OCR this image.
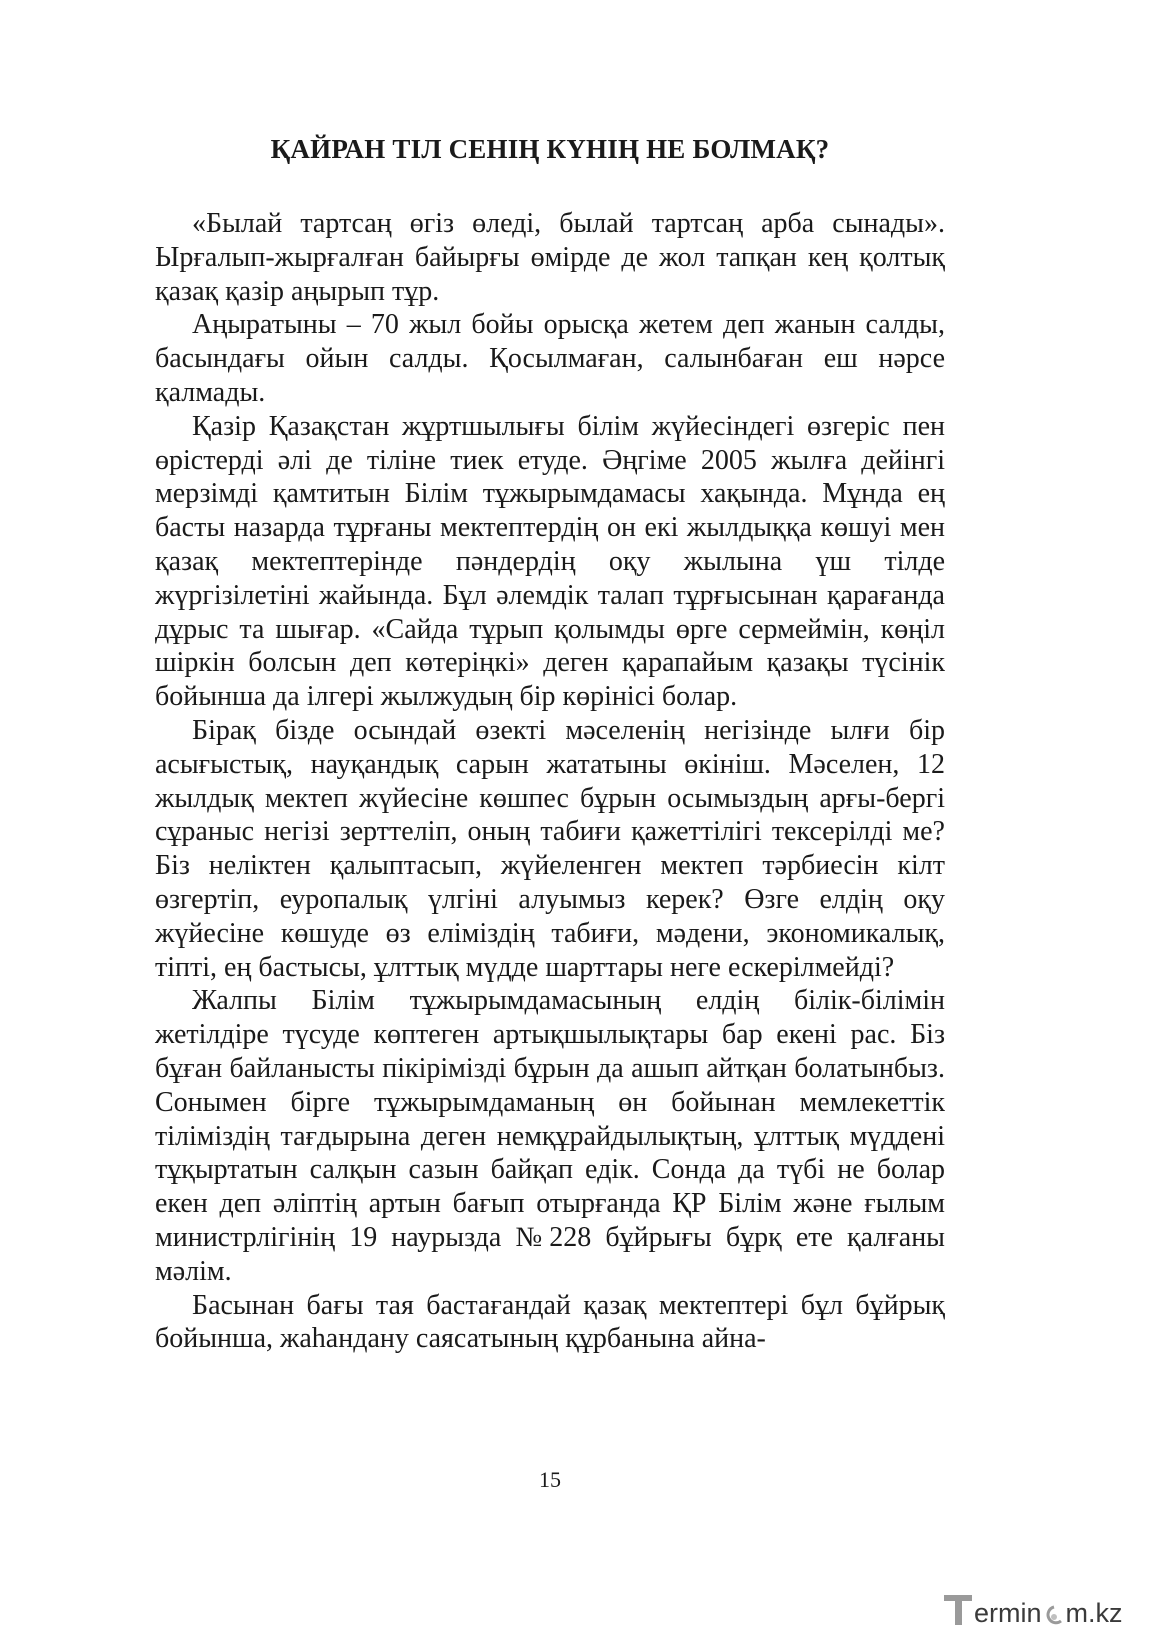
ҚАЙРАН ТІЛ СЕНІҢ КҮНІҢ НЕ БОЛМАҚ?

«Былай тартсаң өгіз өледі, былай тартсаң арба сынады». Ырғалып-жырғалған байырғы өмірде де жол тапқан кең қолтық қазақ қазір аңырып тұр.

Аңыратыны – 70 жыл бойы орысқа жетем деп жанын салды, басындағы ойын салды. Қосылмаған, салынбаған еш нәрсе қалмады.

Қазір Қазақстан жұртшылығы білім жүйесіндегі өзгеріс пен өрістерді әлі де тіліне тиек етуде. Әңгіме 2005 жылға дейінгі мерзімді қамтитын Білім тұжырымдамасы хақында. Мұнда ең басты назарда тұрғаны мектептердің он екі жылдыққа көшуі мен қазақ мектептерінде пәндердің оқу жылына үш тілде жүргізілетіні жайында. Бұл әлемдік талап тұрғысынан қарағанда дұрыс та шығар. «Сайда тұрып қолымды өрге сермеймін, көңіл шіркін болсын деп көтеріңкі» деген қарапайым қазақы түсінік бойынша да ілгері жылжудың бір көрінісі болар.

Бірақ бізде осындай өзекті мәселенің негізінде ылғи бір асығыстық, науқандық сарын жататыны өкініш. Мәселен, 12 жылдық мектеп жүйесіне көшпес бұрын осымыздың арғы-бергі сұраныс негізі зерттеліп, оның табиғи қажеттілігі тексерілді ме? Біз неліктен қалыптасып, жүйеленген мектеп тәрбиесін кілт өзгертіп, еуропалық үлгіні алуымыз керек? Өзге елдің оқу жүйесіне көшуде өз еліміздің табиғи, мәдени, экономикалық, тіпті, ең бастысы, ұлттық мүдде шарттары неге ескерілмейді?

Жалпы Білім тұжырымдамасының елдің білік-білімін жетілдіре түсуде көптеген артықшылықтары бар екені рас. Біз бұған байланысты пікірімізді бұрын да ашып айтқан болатынбыз. Сонымен бірге тұжырымдаманың өн бойынан мемлекеттік тіліміздің тағдырына деген немқұрайдылықтың, ұлттық мүддені тұқыртатын салқын сазын байқап едік. Сонда да түбі не болар екен деп әліптің артын бағып отырғанда ҚР Білім және ғылым министрлігінің 19 наурызда №228 бұйрығы бұрқ ете қалғаны мәлім.

Басынан бағы тая бастағандай қазақ мектептері бұл бұйрық бойынша, жаһандану саясатының құрбанына айна-

15
ermin m.kz
